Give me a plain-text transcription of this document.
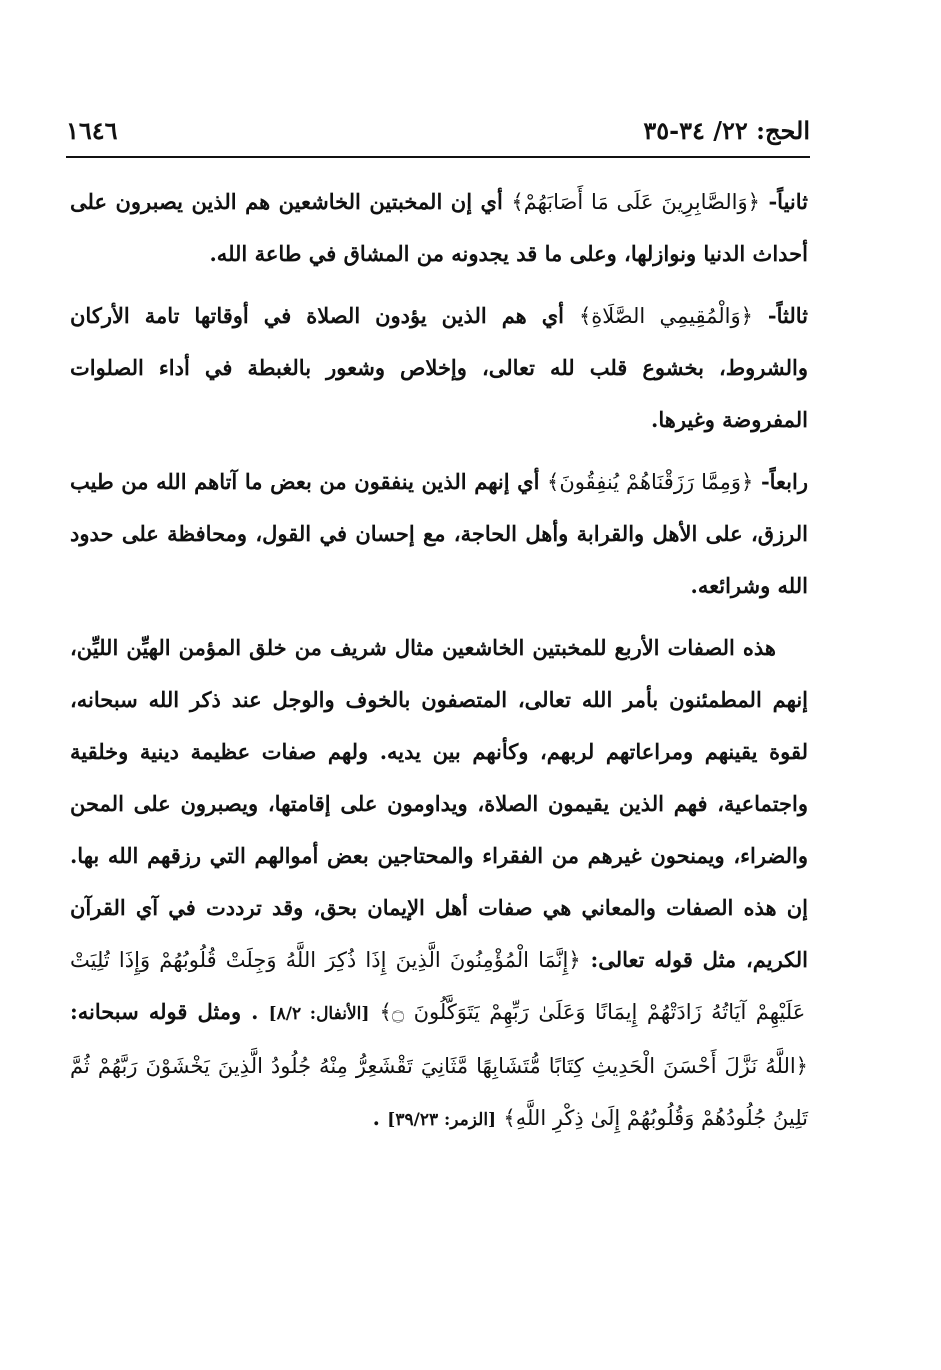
الحج: ٢٢/ ٣٤-٣٥
١٦٤٦

ثانياً- ﴿وَالصَّابِرِينَ عَلَى مَا أَصَابَهُمْ﴾ أي إن المخبتين الخاشعين هم الذين يصبرون على أحداث الدنيا ونوازلها، وعلى ما قد يجدونه من المشاق في طاعة الله.

ثالثاً- ﴿وَالْمُقِيمِي الصَّلَاةِ﴾ أي هم الذين يؤدون الصلاة في أوقاتها تامة الأركان والشروط، بخشوع قلب لله تعالى، وإخلاص وشعور بالغبطة في أداء الصلوات المفروضة وغيرها.

رابعاً- ﴿وَمِمَّا رَزَقْنَاهُمْ يُنفِقُونَ﴾ أي إنهم الذين ينفقون من بعض ما آتاهم الله من طيب الرزق، على الأهل والقرابة وأهل الحاجة، مع إحسان في القول، ومحافظة على حدود الله وشرائعه.

هذه الصفات الأربع للمخبتين الخاشعين مثال شريف من خلق المؤمن الهيِّن الليِّن، إنهم المطمئنون بأمر الله تعالى، المتصفون بالخوف والوجل عند ذكر الله سبحانه، لقوة يقينهم ومراعاتهم لربهم، وكأنهم بين يديه. ولهم صفات عظيمة دينية وخلقية واجتماعية، فهم الذين يقيمون الصلاة، ويداومون على إقامتها، ويصبرون على المحن والضراء، ويمنحون غيرهم من الفقراء والمحتاجين بعض أموالهم التي رزقهم الله بها. إن هذه الصفات والمعاني هي صفات أهل الإيمان بحق، وقد ترددت في آي القرآن الكريم، مثل قوله تعالى: ﴿إِنَّمَا الْمُؤْمِنُونَ الَّذِينَ إِذَا ذُكِرَ اللَّهُ وَجِلَتْ قُلُوبُهُمْ وَإِذَا تُلِيَتْ عَلَيْهِمْ آيَاتُهُ زَادَتْهُمْ إِيمَانًا وَعَلَىٰ رَبِّهِمْ يَتَوَكَّلُونَ ۝﴾ [الأنفال: ٨/٢] . ومثل قوله سبحانه: ﴿اللَّهُ نَزَّلَ أَحْسَنَ الْحَدِيثِ كِتَابًا مُّتَشَابِهًا مَّثَانِيَ تَقْشَعِرُّ مِنْهُ جُلُودُ الَّذِينَ يَخْشَوْنَ رَبَّهُمْ ثُمَّ تَلِينُ جُلُودُهُمْ وَقُلُوبُهُمْ إِلَىٰ ذِكْرِ اللَّهِ﴾ [الزمر: ٣٩/٢٣] .
